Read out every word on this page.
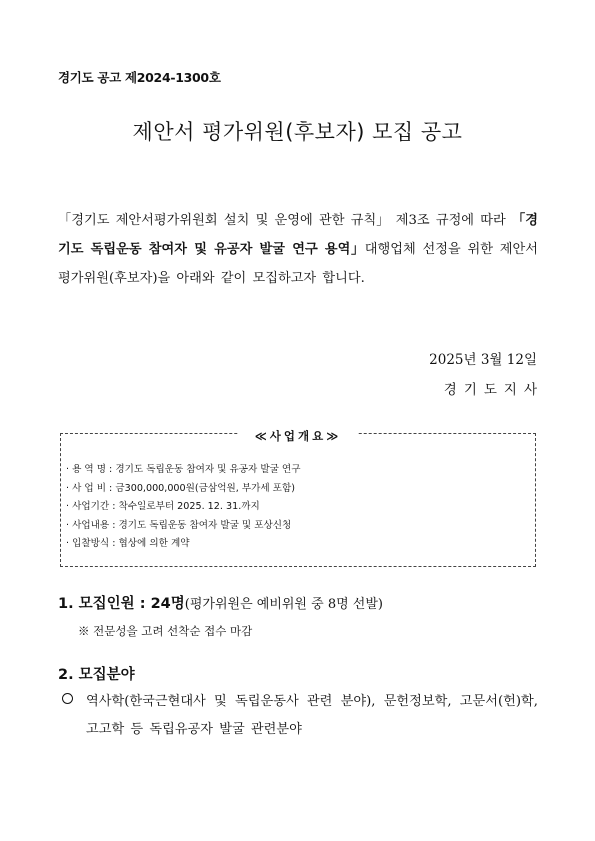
경기도 공고 제2024-1300호
제안서 평가위원(후보자) 모집 공고
「경기도 제안서평가위원회 설치 및 운영에 관한 규칙」 제3조 규정에 따라 「경기도 독립운동 참여자 및 유공자 발굴 연구 용역」대행업체 선정을 위한 제안서 평가위원(후보자)을 아래와 같이 모집하고자 합니다.
2025년 3월 12일
경기도지사
≪사업개요≫
· 용 역 명 : 경기도 독립운동 참여자 및 유공자 발굴 연구
· 사 업 비 : 금300,000,000원(금삼억원, 부가세 포함)
· 사업기간 : 착수일로부터 2025. 12. 31.까지
· 사업내용 : 경기도 독립운동 참여자 발굴 및 포상신청
· 입찰방식 : 협상에 의한 계약
1. 모집인원 : 24명(평가위원은 예비위원 중 8명 선발)
※ 전문성을 고려 선착순 접수 마감
2. 모집분야
역사학(한국근현대사 및 독립운동사 관련 분야), 문헌정보학, 고문서(헌)학, 고고학 등 독립유공자 발굴 관련분야
